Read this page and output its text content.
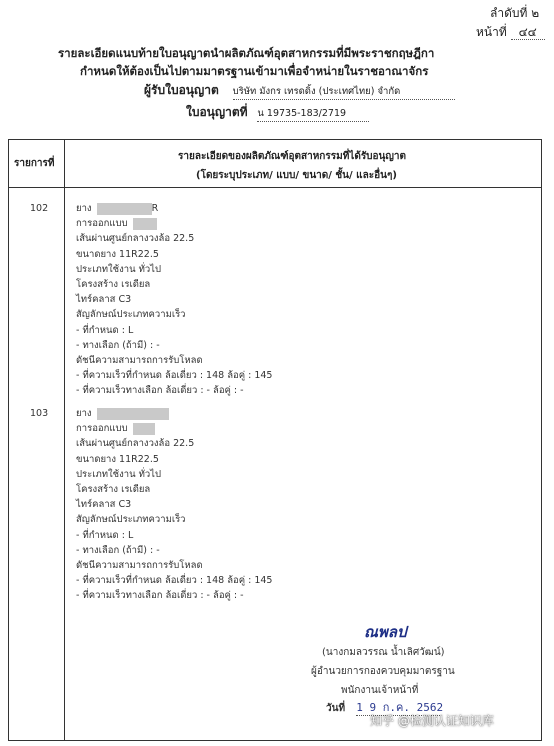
ลำดับที่ ๒
หน้าที่ ๔๔
รายละเอียดแนบท้ายใบอนุญาตนำผลิตภัณฑ์อุตสาหกรรมที่มีพระราชกฤษฎีกา
กำหนดให้ต้องเป็นไปตามมาตรฐานเข้ามาเพื่อจำหน่ายในราชอาณาจักร
ผู้รับใบอนุญาต บริษัท มังกร เทรดดิ้ง (ประเทศไทย) จำกัด
ใบอนุญาตที่ น 19735-183/2719
รายการที่
รายละเอียดของผลิตภัณฑ์อุตสาหกรรมที่ได้รับอนุญาต
(โดยระบุประเภท/ แบบ/ ขนาด/ ชั้น/ และอื่นๆ)
102	ยาง	R
การออกแบบ
เส้นผ่านศูนย์กลางวงล้อ 22.5
ขนาดยาง 11R22.5
ประเภทใช้งาน ทั่วไป
โครงสร้าง เรเดียล
ไทร์คลาส C3
สัญลักษณ์ประเภทความเร็ว
- ที่กำหนด : L
- ทางเลือก (ถ้ามี) : -
ดัชนีความสามารถการรับโหลด
- ที่ความเร็วที่กำหนด ล้อเดี่ยว : 148 ล้อคู่ : 145
- ที่ความเร็วทางเลือก ล้อเดี่ยว : - ล้อคู่ : -
103	ยาง
การออกแบบ
เส้นผ่านศูนย์กลางวงล้อ 22.5
ขนาดยาง 11R22.5
ประเภทใช้งาน ทั่วไป
โครงสร้าง เรเดียล
ไทร์คลาส C3
สัญลักษณ์ประเภทความเร็ว
- ที่กำหนด : L
- ทางเลือก (ถ้ามี) : -
ดัชนีความสามารถการรับโหลด
- ที่ความเร็วที่กำหนด ล้อเดี่ยว : 148 ล้อคู่ : 145
- ที่ความเร็วทางเลือก ล้อเดี่ยว : - ล้อคู่ : -
ณพลป
(นางกมลวรรณ น้ำเลิศวัฒน์)
ผู้อำนวยการกองควบคุมมาตรฐาน
พนักงานเจ้าหน้าที่
วันที่ 1 9 ก.ค. 2562
知乎 @检测认证知识库
